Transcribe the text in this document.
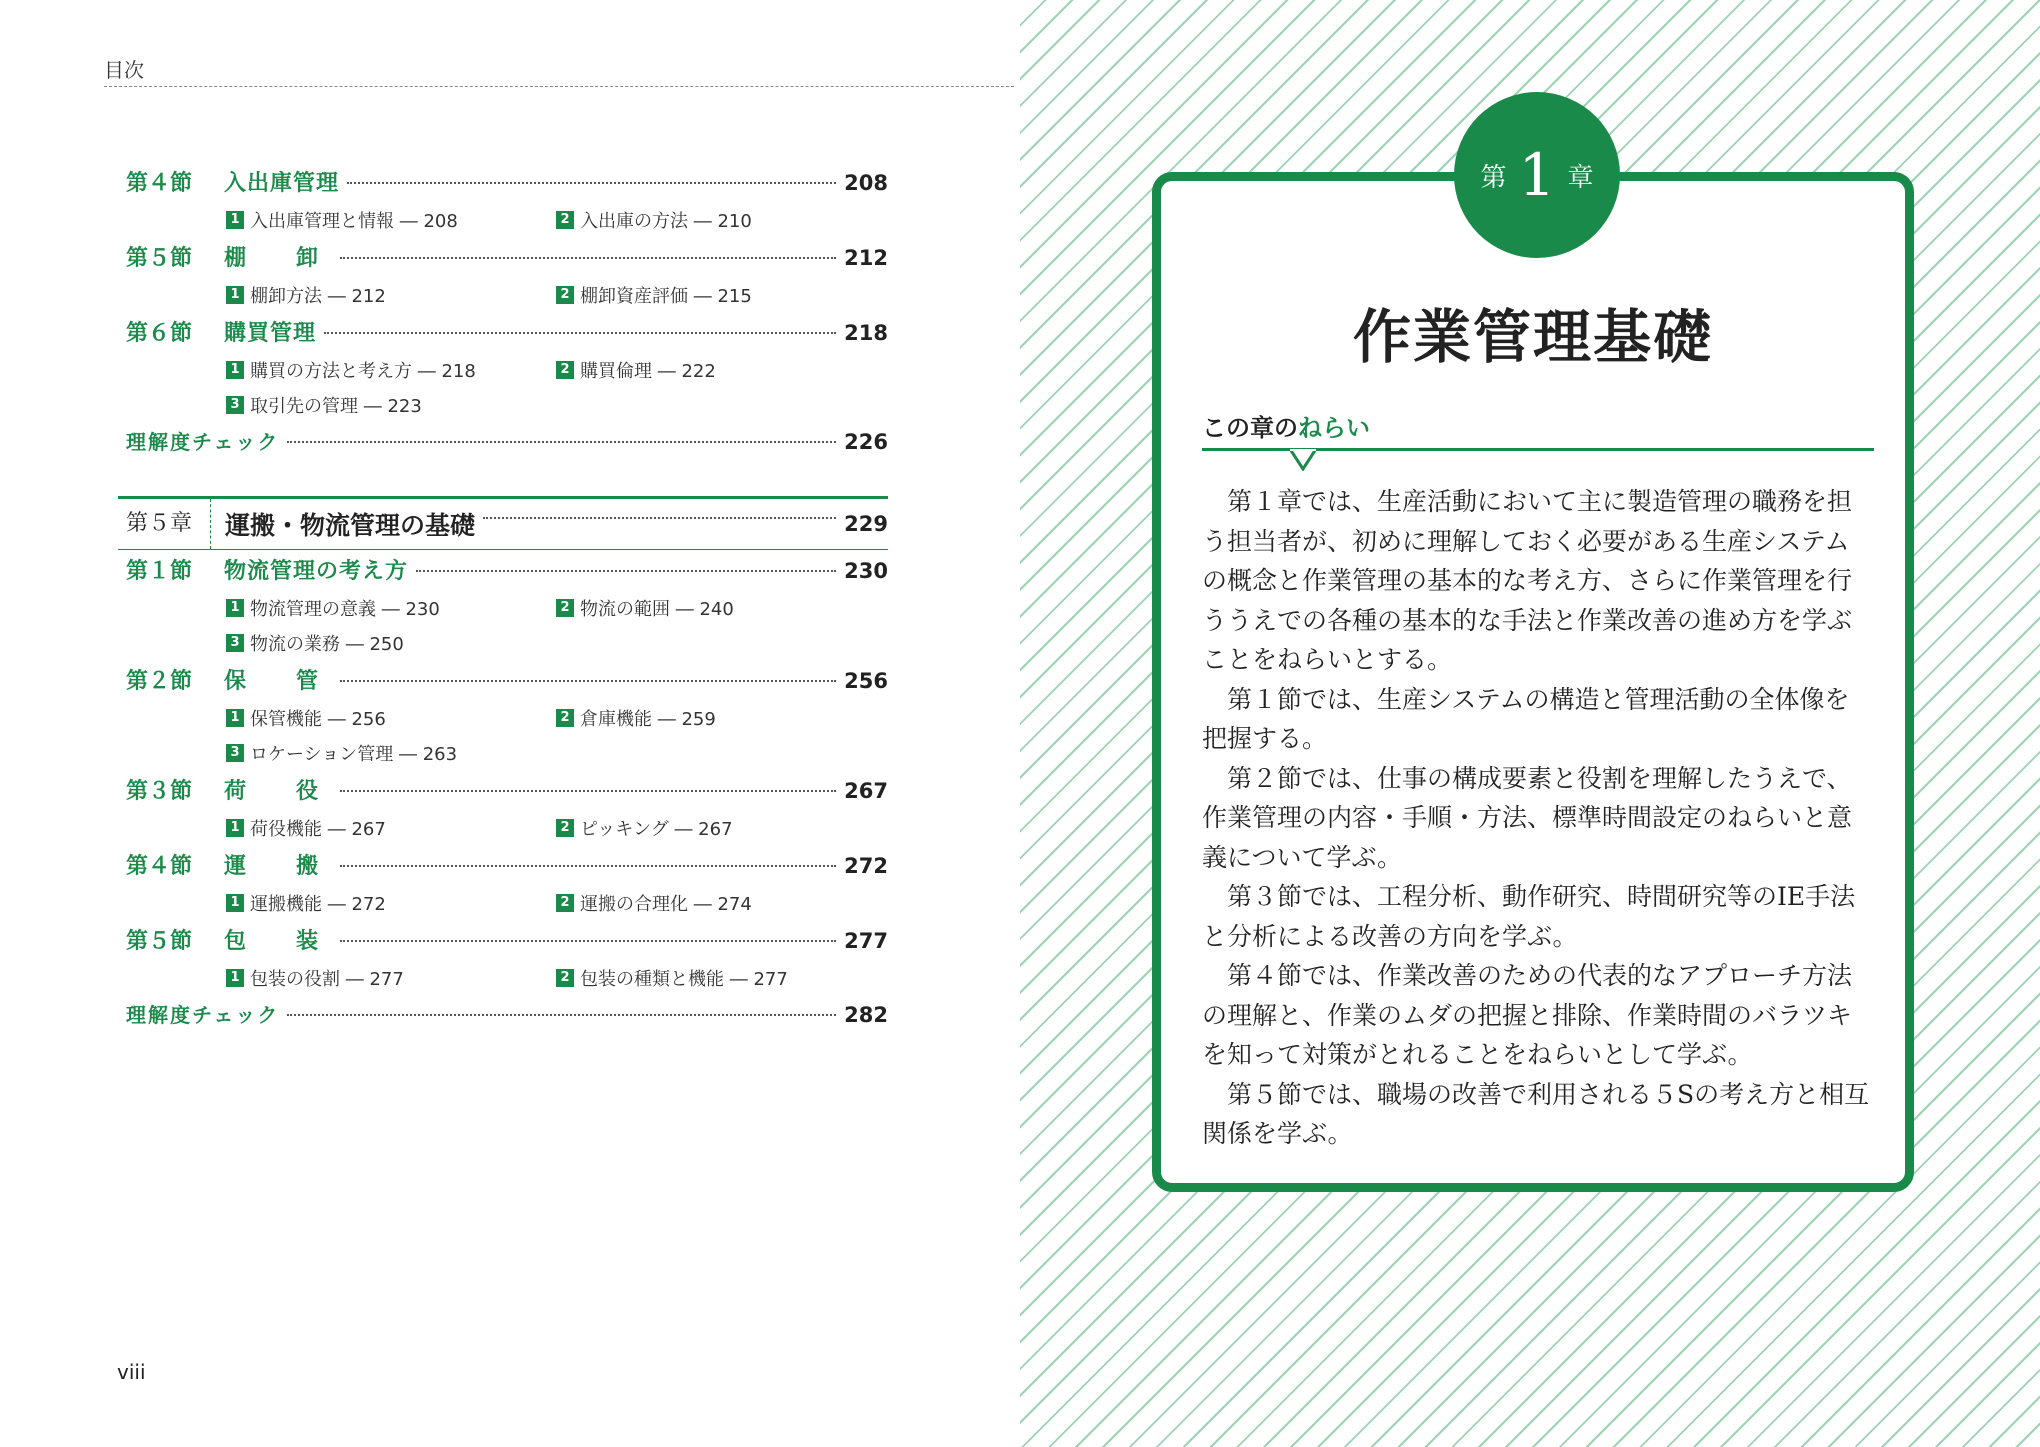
目次
第４節	入出庫管理	208
1 入出庫管理と情報 ― 208	2 入出庫の方法 ― 210
第５節	棚　卸	212
1 棚卸方法 ― 212	2 棚卸資産評価 ― 215
第６節	購買管理	218
1 購買の方法と考え方 ― 218	2 購買倫理 ― 222
3 取引先の管理 ― 223
理解度チェック	226
第５章	運搬・物流管理の基礎	229
第１節	物流管理の考え方	230
1 物流管理の意義 ― 230	2 物流の範囲 ― 240
3 物流の業務 ― 250
第２節	保　管	256
1 保管機能 ― 256	2 倉庫機能 ― 259
3 ロケーション管理 ― 263
第３節	荷　役	267
1 荷役機能 ― 267	2 ピッキング ― 267
第４節	運　搬	272
1 運搬機能 ― 272	2 運搬の合理化 ― 274
第５節	包　装	277
1 包装の役割 ― 277	2 包装の種類と機能 ― 277
理解度チェック	282
viii
第 1 章
作業管理基礎
この章のねらい

第１章では、生産活動において主に製造管理の職務を担う担当者が、初めに理解しておく必要がある生産システムの概念と作業管理の基本的な考え方、さらに作業管理を行ううえでの各種の基本的な手法と作業改善の進め方を学ぶことをねらいとする。

第１節では、生産システムの構造と管理活動の全体像を把握する。

第２節では、仕事の構成要素と役割を理解したうえで、作業管理の内容・手順・方法、標準時間設定のねらいと意義について学ぶ。

第３節では、工程分析、動作研究、時間研究等のIE手法と分析による改善の方向を学ぶ。

第４節では、作業改善のための代表的なアプローチ方法の理解と、作業のムダの把握と排除、作業時間のバラツキを知って対策がとれることをねらいとして学ぶ。

第５節では、職場の改善で利用される５Sの考え方と相互関係を学ぶ。
